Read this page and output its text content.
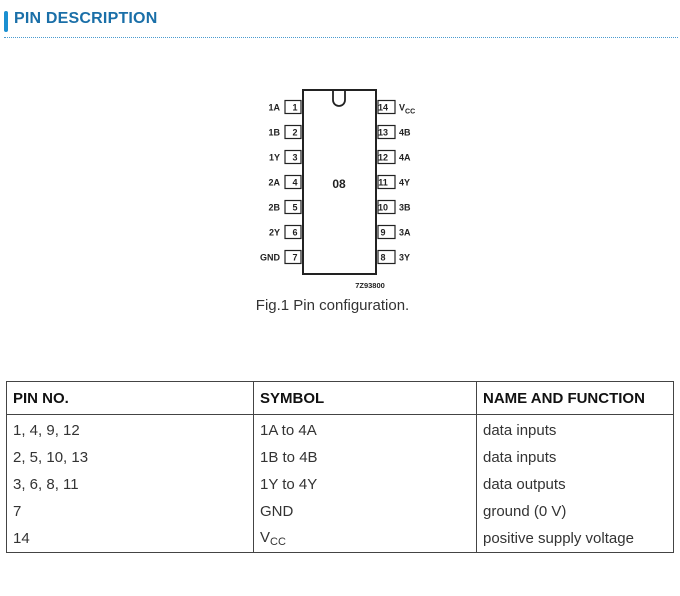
PIN DESCRIPTION
08
7Z93800
1
1A
2
1B
3
1Y
4
2A
5
2B
6
2Y
7
GND
14 $V_{CC}$
13 4B
12 4A
11 4Y
10 3B
9 3A
8 3Y
Fig.1 Pin configuration.
PIN NO.	SYMBOL	NAME AND FUNCTION
1, 4, 9, 12	1A to 4A	data inputs
2, 5, 10, 13	1B to 4B	data inputs
3, 6, 8, 11	1Y to 4Y	data outputs
7	GND	ground (0 V)
14	$V_{CC}$	positive supply voltage
